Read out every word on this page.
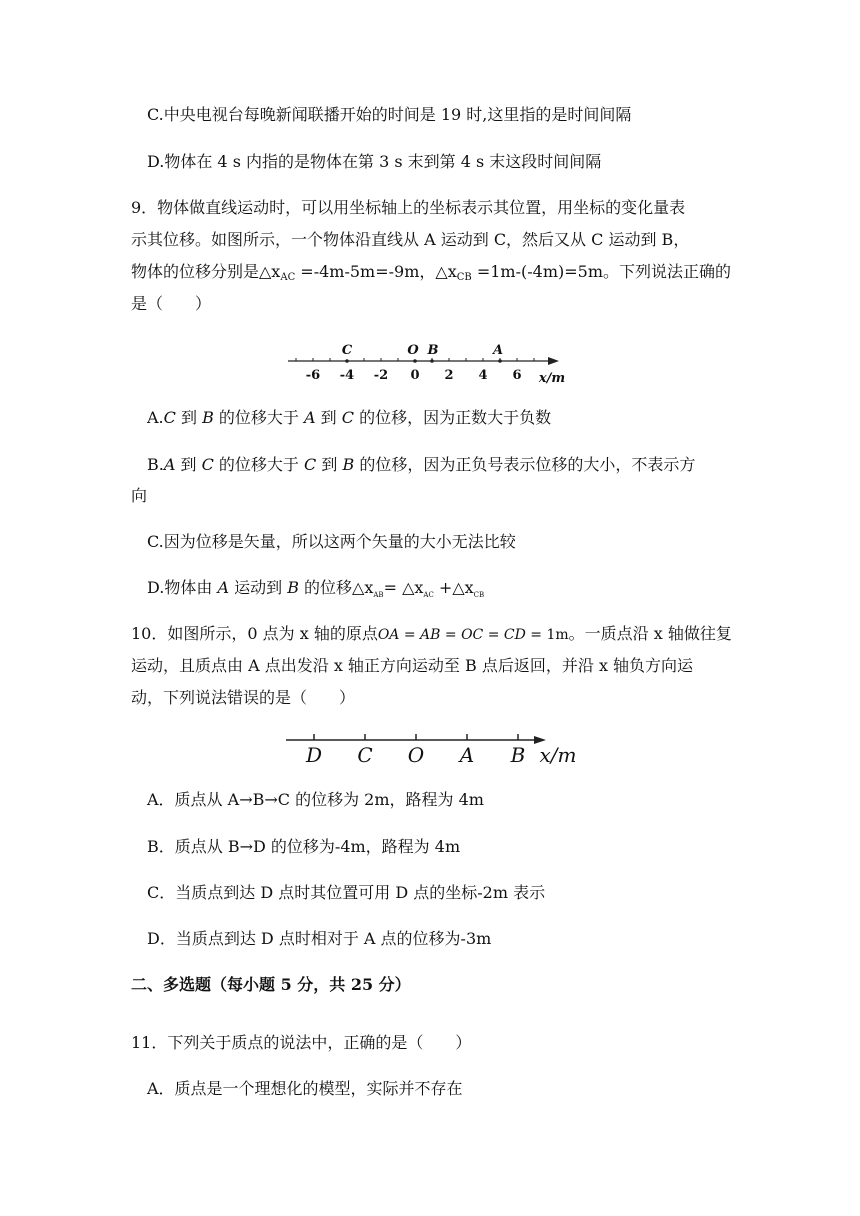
C.中央电视台每晚新闻联播开始的时间是 19 时,这里指的是时间间隔
D.物体在 4 s 内指的是物体在第 3 s 末到第 4 s 末这段时间间隔
9．物体做直线运动时，可以用坐标轴上的坐标表示其位置，用坐标的变化量表
示其位移。如图所示，一个物体沿直线从 A 运动到 C，然后又从 C 运动到 B，
物体的位移分别是$\triangle x_{AC} =-4m-5m=-9m$，$\triangle x_{CB} =1m-(-4m)=5m$。下列说法正确的
是（　　）
C	O B	A
-6 -4 -2 0 2 4 6 x/m
A.C 到 B 的位移大于 A 到 C 的位移，因为正数大于负数
B.A 到 C 的位移大于 C 到 B 的位移，因为正负号表示位移的大小，不表示方
向
C.因为位移是矢量，所以这两个矢量的大小无法比较
D.物体由 A 运动到 B 的位移$\triangle x_{AB}=$ $\triangle x_{AC}$ $+\triangle x_{CB}$
10．如图所示，0 点为 x 轴的原点OA = AB = OC = CD = 1m。一质点沿 x 轴做往复
运动，且质点由 A 点出发沿 x 轴正方向运动至 B 点后返回，并沿 x 轴负方向运
动，下列说法错误的是（　　）
D C O A B x/m
A．质点从 A→B→C 的位移为 2m，路程为 4m
B．质点从 B→D 的位移为-4m，路程为 4m
C．当质点到达 D 点时其位置可用 D 点的坐标-2m 表示
D．当质点到达 D 点时相对于 A 点的位移为-3m
二、多选题（每小题 5 分，共 25 分）
11．下列关于质点的说法中，正确的是（　　）
A．质点是一个理想化的模型，实际并不存在
